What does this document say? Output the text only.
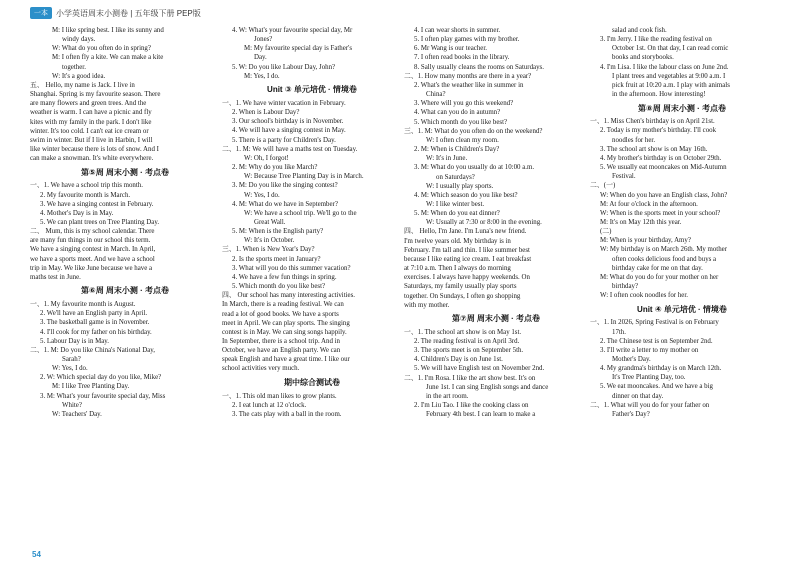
一本	小学英语周末小测卷 | 五年级下册 PEP版
M: I like spring best. I like its sunny and
windy days.
W: What do you often do in spring?
M: I often fly a kite. We can make a kite
together.
W: It's a good idea.
五、 Hello, my name is Jack. I live in
Shanghai. Spring is my favourite season. There
are many flowers and green trees. And the
weather is warm. I can have a picnic and fly
kites with my family in the park. I don't like
winter. It's too cold. I can't eat ice cream or
swim in winter. But if I live in Harbin, I will
like winter because there is lots of snow. And I
can make a snowman. It's white everywhere.
第⑤周 周末小测 · 考点卷
一、1. We have a school trip this month.
2. My favourite month is March.
3. We have a singing contest in February.
4. Mother's Day is in May.
5. We can plant trees on Tree Planting Day.
二、 Mum, this is my school calendar. There
are many fun things in our school this term.
We have a singing contest in March. In April,
we have a sports meet. And we have a school
trip in May. We like June because we have a
maths test in June.
第⑥周 周末小测 · 考点卷
一、1. My favourite month is August.
2. We'll have an English party in April.
3. The basketball game is in November.
4. I'll cook for my father on his birthday.
5. Labour Day is in May.
二、1. M: Do you like China's National Day,
Sarah?
W: Yes, I do.
2. W: Which special day do you like, Mike?
M: I like Tree Planting Day.
3. M: What's your favourite special day, Miss
White?
W: Teachers' Day.
4. W: What's your favourite special day, Mr
Jones?
M: My favourite special day is Father's
Day.
5. W: Do you like Labour Day, John?
M: Yes, I do.
Unit ③ 单元培优 · 情境卷
一、1. We have winter vacation in February.
2. When is Labour Day?
3. Our school's birthday is in November.
4. We will have a singing contest in May.
5. There is a party for Children's Day.
二、1. M: We will have a maths test on Tuesday.
W: Oh, I forgot!
2. M: Why do you like March?
W: Because Tree Planting Day is in March.
3. M: Do you like the singing contest?
W: Yes, I do.
4. M: What do we have in September?
W: We have a school trip. We'll go to the
Great Wall.
5. M: When is the English party?
W: It's in October.
三、1. When is New Year's Day?
2. Is the sports meet in January?
3. What will you do this summer vacation?
4. We have a few fun things in spring.
5. Which month do you like best?
四、 Our school has many interesting activities.
In March, there is a reading festival. We can
read a lot of good books. We have a sports
meet in April. We can play sports. The singing
contest is in May. We can sing songs happily.
In September, there is a school trip. And in
October, we have an English party. We can
speak English and have a great time. I like our
school activities very much.
期中综合测试卷
一、1. This old man likes to grow plants.
2. I eat lunch at 12 o'clock.
3. The cats play with a ball in the room.
4. I can wear shorts in summer.
5. I often play games with my brother.
6. Mr Wang is our teacher.
7. I often read books in the library.
8. Sally usually cleans the rooms on Saturdays.
二、1. How many months are there in a year?
2. What's the weather like in summer in
China?
3. Where will you go this weekend?
4. What can you do in autumn?
5. Which month do you like best?
三、1. M: What do you often do on the weekend?
W: I often clean my room.
2. M: When is Children's Day?
W: It's in June.
3. M: What do you usually do at 10:00 a.m.
on Saturdays?
W: I usually play sports.
4. M: Which season do you like best?
W: I like winter best.
5. M: When do you eat dinner?
W: Usually at 7:30 or 8:00 in the evening.
四、 Hello, I'm Jane. I'm Luna's new friend.
I'm twelve years old. My birthday is in
February. I'm tall and thin. I like summer best
because I like eating ice cream. I eat breakfast
at 7:10 a.m. Then I always do morning
exercises. I always have happy weekends. On
Saturdays, my family usually play sports
together. On Sundays, I often go shopping
with my mother.
第⑦周 周末小测 · 考点卷
一、1. The school art show is on May 1st.
2. The reading festival is on April 3rd.
3. The sports meet is on September 5th.
4. Children's Day is on June 1st.
5. We will have English test on November 2nd.
二、1. I'm Rosa. I like the art show best. It's on
June 1st. I can sing English songs and dance
in the art room.
2. I'm Liu Tao. I like the cooking class on
February 4th best. I can learn to make a
salad and cook fish.
3. I'm Jerry. I like the reading festival on
October 1st. On that day, I can read comic
books and storybooks.
4. I'm Lisa. I like the labour class on June 2nd.
I plant trees and vegetables at 9:00 a.m. I
pick fruit at 10:20 a.m. I play with animals
in the afternoon. How interesting!
第⑧周 周末小测 · 考点卷
一、1. Miss Chen's birthday is on April 21st.
2. Today is my mother's birthday. I'll cook
noodles for her.
3. The school art show is on May 16th.
4. My brother's birthday is on October 29th.
5. We usually eat mooncakes on Mid-Autumn
Festival.
二、(一)
W: When do you have an English class, John?
M: At four o'clock in the afternoon.
W: When is the sports meet in your school?
M: It's on May 12th this year.
(二)
M: When is your birthday, Amy?
W: My birthday is on March 26th. My mother
often cooks delicious food and buys a
birthday cake for me on that day.
M: What do you do for your mother on her
birthday?
W: I often cook noodles for her.
Unit ④ 单元培优 · 情境卷
一、1. In 2026, Spring Festival is on February
17th.
2. The Chinese test is on September 2nd.
3. I'll write a letter to my mother on
Mother's Day.
4. My grandma's birthday is on March 12th.
It's Tree Planting Day, too.
5. We eat mooncakes. And we have a big
dinner on that day.
二、1. What will you do for your father on
Father's Day?
54
